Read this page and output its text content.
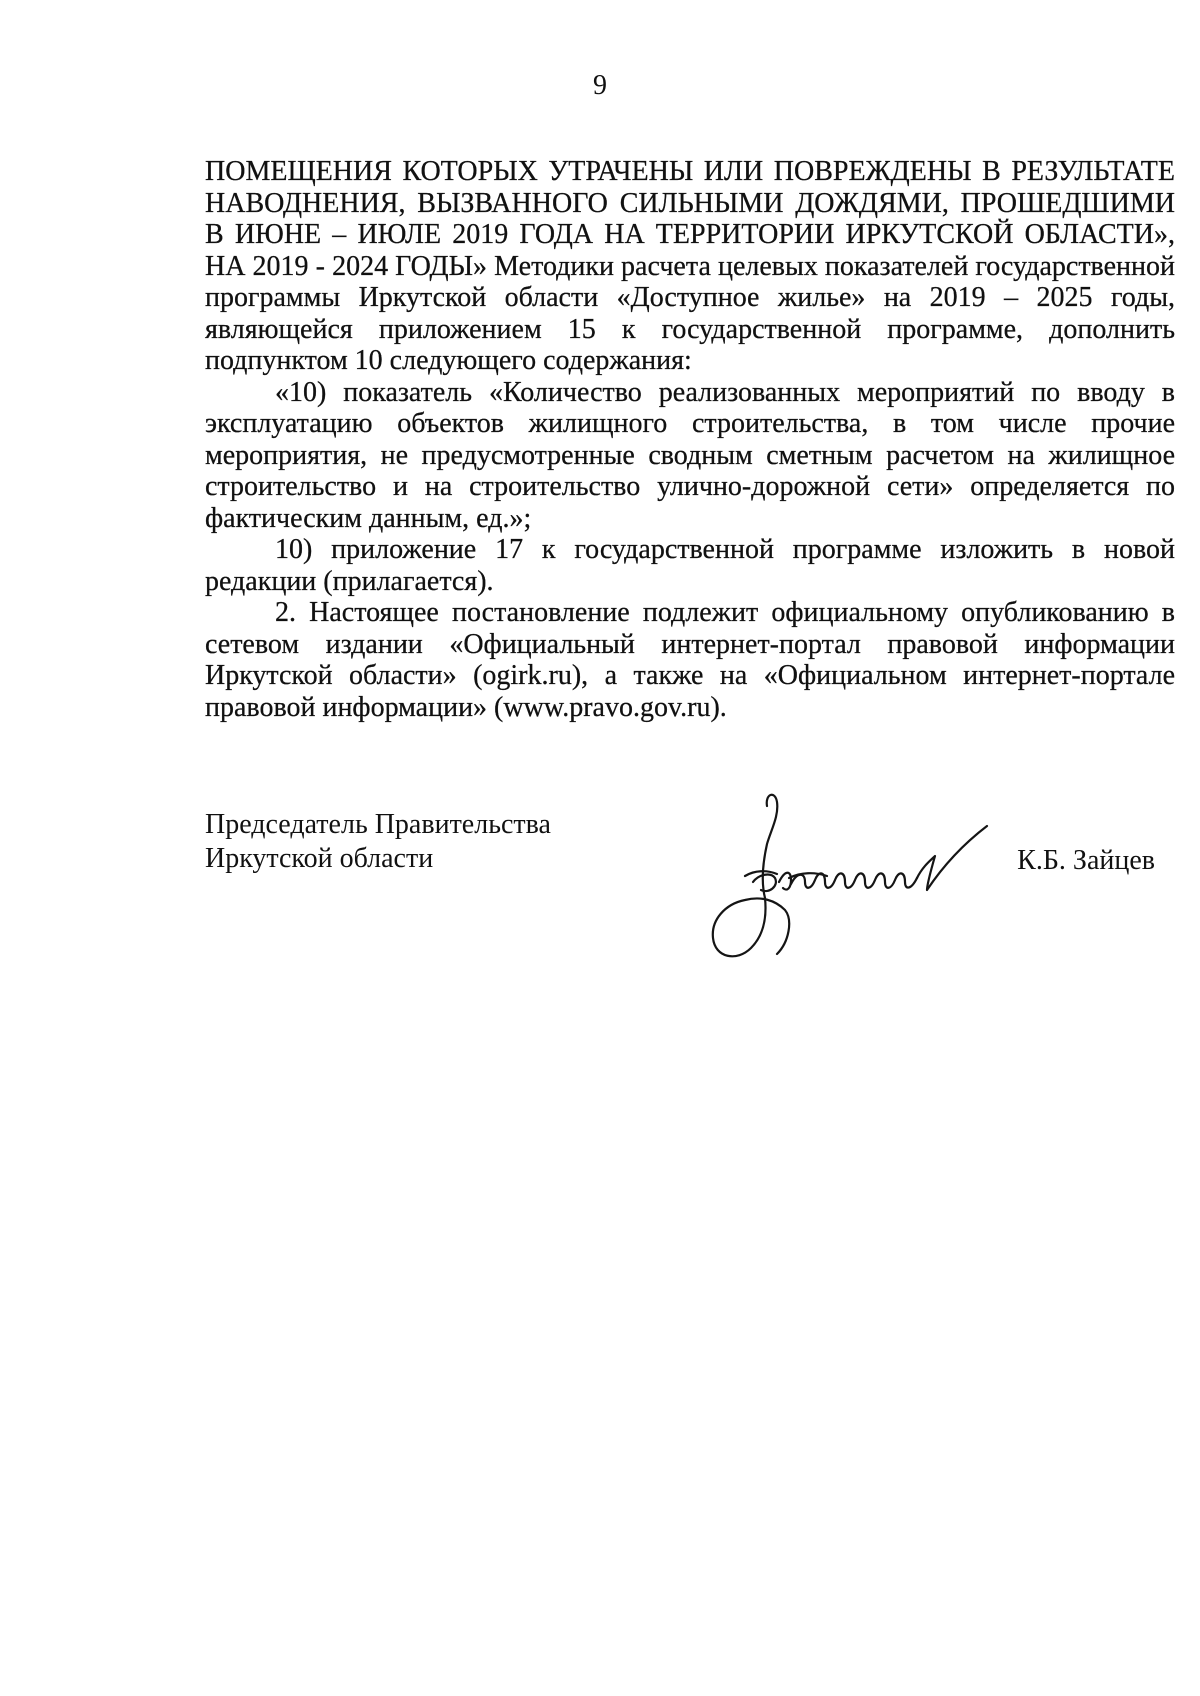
9

ПОМЕЩЕНИЯ КОТОРЫХ УТРАЧЕНЫ ИЛИ ПОВРЕЖДЕНЫ В РЕЗУЛЬТАТЕ НАВОДНЕНИЯ, ВЫЗВАННОГО СИЛЬНЫМИ ДОЖДЯМИ, ПРОШЕДШИМИ В ИЮНЕ – ИЮЛЕ 2019 ГОДА НА ТЕРРИТОРИИ ИРКУТСКОЙ ОБЛАСТИ», НА 2019 - 2024 ГОДЫ» Методики расчета целевых показателей государственной программы Иркутской области «Доступное жилье» на 2019 – 2025 годы, являющейся приложением 15 к государственной программе, дополнить подпунктом 10 следующего содержания:

«10) показатель «Количество реализованных мероприятий по вводу в эксплуатацию объектов жилищного строительства, в том числе прочие мероприятия, не предусмотренные сводным сметным расчетом на жилищное строительство и на строительство улично-дорожной сети» определяется по фактическим данным, ед.»;

10) приложение 17 к государственной программе изложить в новой редакции (прилагается).

2. Настоящее постановление подлежит официальному опубликованию в сетевом издании «Официальный интернет-портал правовой информации Иркутской области» (ogirk.ru), а также на «Официальном интернет-портале правовой информации» (www.pravo.gov.ru).

Председатель Правительства
Иркутской области	К.Б. Зайцев
